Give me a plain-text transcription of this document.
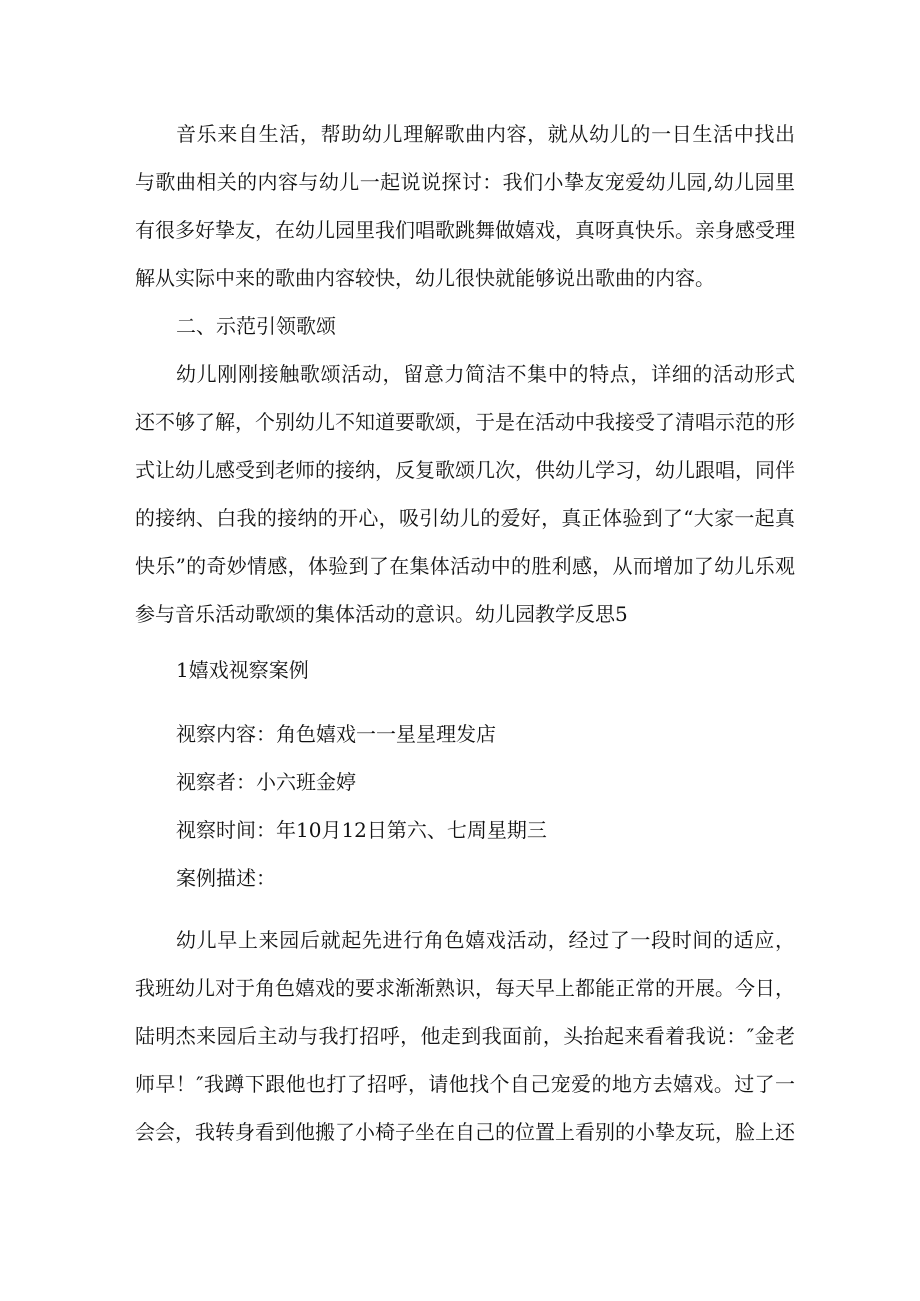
音乐来自生活，帮助幼儿理解歌曲内容，就从幼儿的一日生活中找出
与歌曲相关的内容与幼儿一起说说探讨：我们小挚友宠爱幼儿园,幼儿园里
有很多好挚友，在幼儿园里我们唱歌跳舞做嬉戏，真呀真快乐。亲身感受理
解从实际中来的歌曲内容较快，幼儿很快就能够说出歌曲的内容。
二、示范引领歌颂
幼儿刚刚接触歌颂活动，留意力简洁不集中的特点，详细的活动形式
还不够了解，个别幼儿不知道要歌颂，于是在活动中我接受了清唱示范的形
式让幼儿感受到老师的接纳，反复歌颂几次，供幼儿学习，幼儿跟唱，同伴
的接纳、白我的接纳的开心，吸引幼儿的爱好，真正体验到了“大家一起真
快乐”的奇妙情感，体验到了在集体活动中的胜利感，从而增加了幼儿乐观
参与音乐活动歌颂的集体活动的意识。幼儿园教学反思5
1嬉戏视察案例
视察内容：角色嬉戏一一星星理发店
视察者：小六班金婷
视察时间：年10月12日第六、七周星期三
案例描述：
幼儿早上来园后就起先进行角色嬉戏活动，经过了一段时间的适应，
我班幼儿对于角色嬉戏的要求渐渐熟识，每天早上都能正常的开展。今日，
陆明杰来园后主动与我打招呼，他走到我面前，头抬起来看着我说：″金老
师早！″我蹲下跟他也打了招呼，请他找个自己宠爱的地方去嬉戏。过了一
会会，我转身看到他搬了小椅子坐在自己的位置上看别的小挚友玩，脸上还
